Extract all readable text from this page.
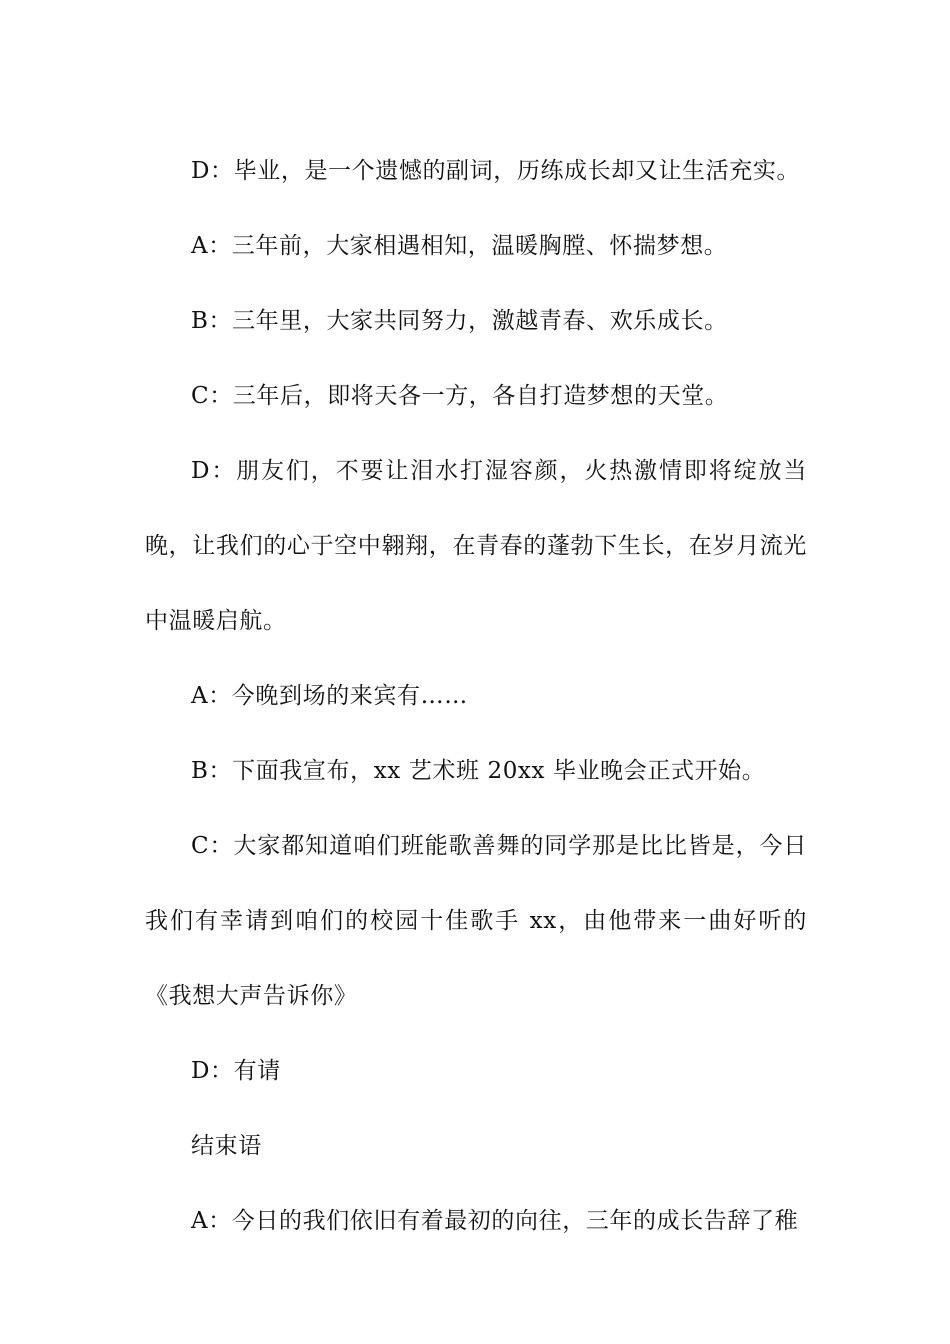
D：毕业，是一个遗憾的副词，历练成长却又让生活充实。

A：三年前，大家相遇相知，温暖胸膛、怀揣梦想。

B：三年里，大家共同努力，激越青春、欢乐成长。

C：三年后，即将天各一方，各自打造梦想的天堂。

D：朋友们，不要让泪水打湿容颜，火热激情即将绽放当晚，让我们的心于空中翱翔，在青春的蓬勃下生长，在岁月流光中温暖启航。

A：今晚到场的来宾有……

B：下面我宣布，xx 艺术班 20xx 毕业晚会正式开始。

C：大家都知道咱们班能歌善舞的同学那是比比皆是，今日我们有幸请到咱们的校园十佳歌手 xx，由他带来一曲好听的《我想大声告诉你》

D：有请

结束语

A：今日的我们依旧有着最初的向往，三年的成长告辞了稚
